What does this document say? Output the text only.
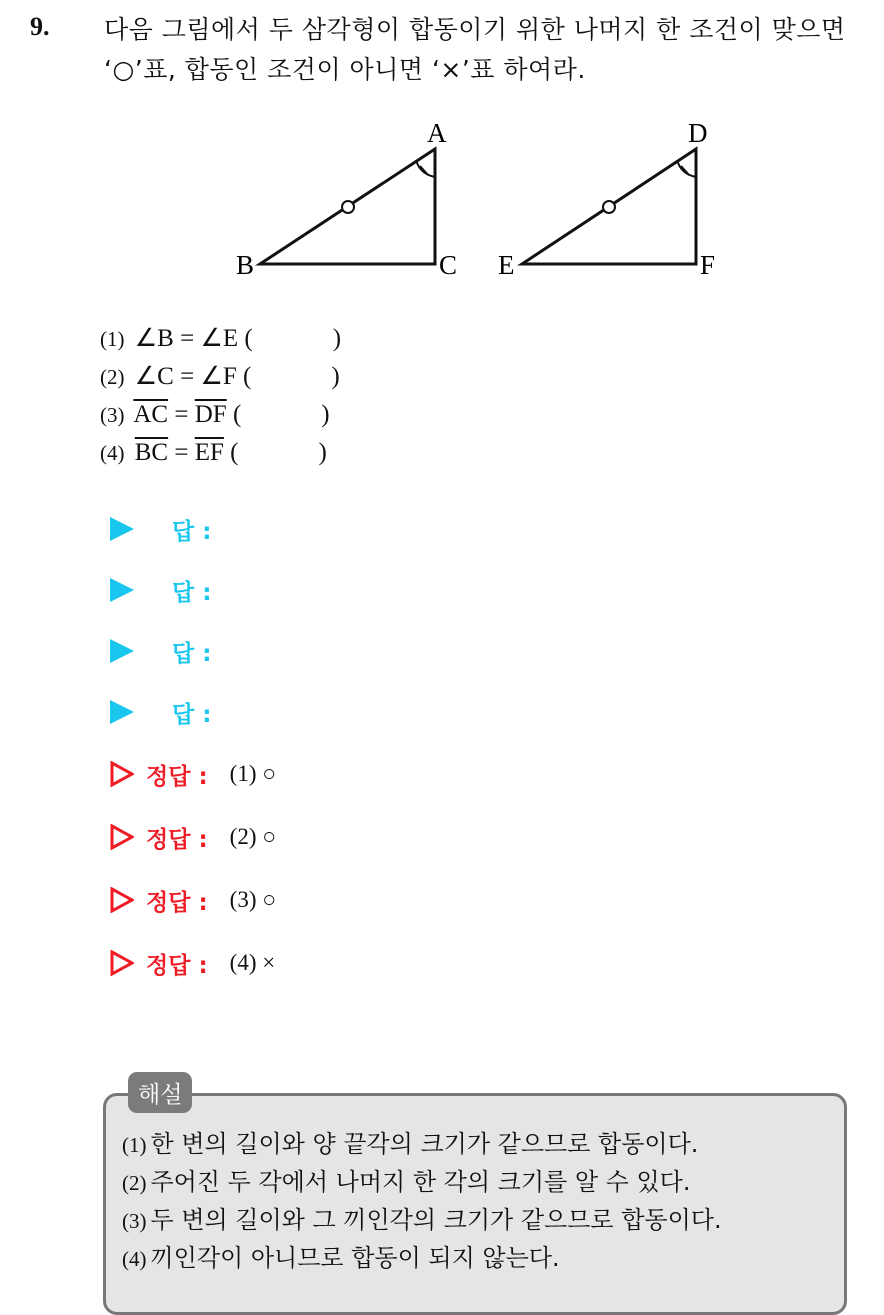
9. 다음 그림에서 두 삼각형이 합동이기 위한 나머지 한 조건이 맞으면
‘○’표, 합동인 조건이 아니면 ‘×’표 하여라.
A
B	C
D
E	F
(1) ∠B = ∠E (	)
(2) ∠C = ∠F (	)
(3) $\overline{AC} = \overline{DF}$ (	)
(4) $\overline{BC} = \overline{EF}$ (	)
답 :
답 :
답 :
답 :
정답 : (1) ○
정답 : (2) ○
정답 : (3) ○
정답 : (4) ×
해설
(1) 한 변의 길이와 양 끝각의 크기가 같으므로 합동이다.
(2) 주어진 두 각에서 나머지 한 각의 크기를 알 수 있다.
(3) 두 변의 길이와 그 끼인각의 크기가 같으므로 합동이다.
(4) 끼인각이 아니므로 합동이 되지 않는다.
